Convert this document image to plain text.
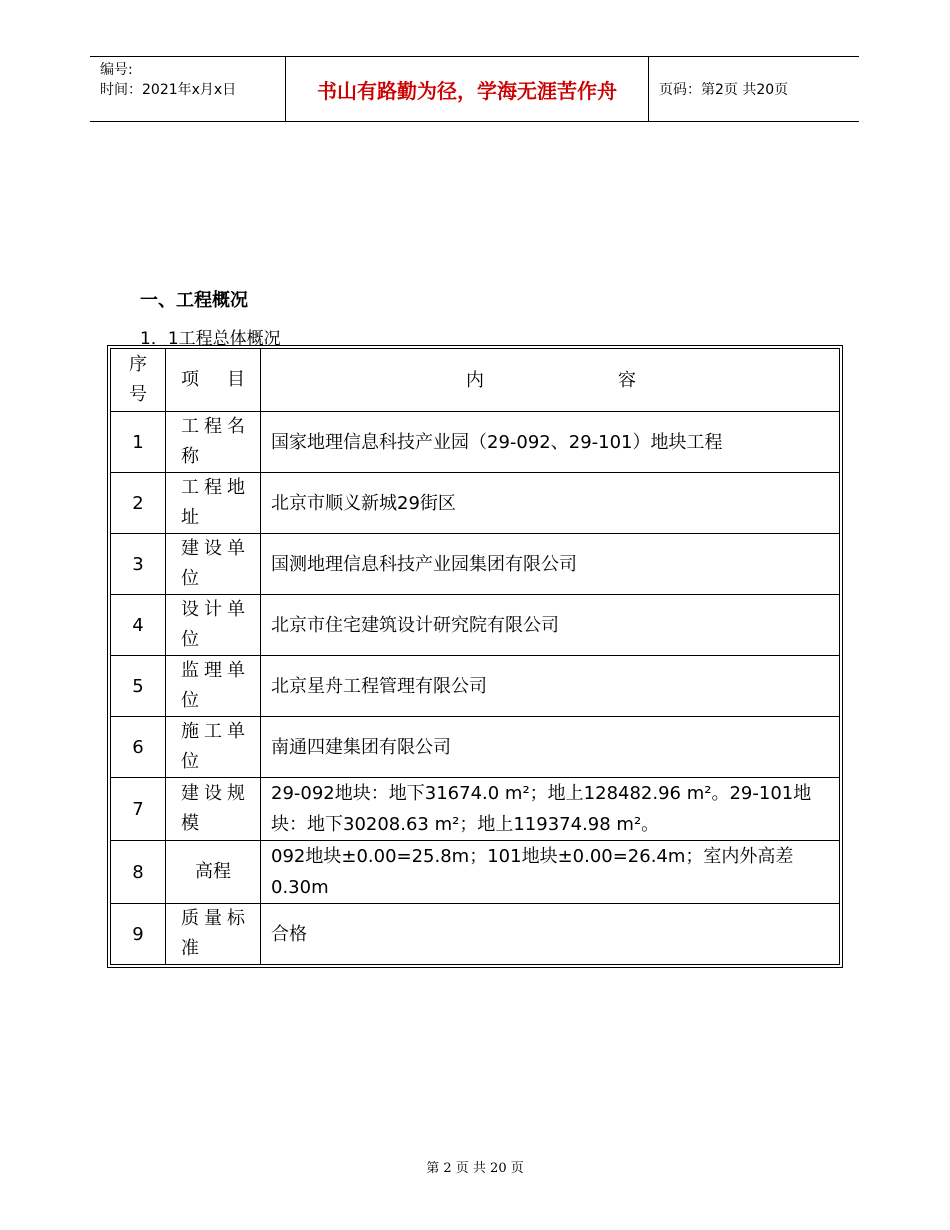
编号:
时间：2021年x月x日	书山有路勤为径，学海无涯苦作舟	页码：第2页 共20页
一、工程概况
1．1工程总体概况
序号	项 目	内 容
1	工程名称	国家地理信息科技产业园（29-092、29-101）地块工程
2	工程地址	北京市顺义新城29街区
3	建设单位	国测地理信息科技产业园集团有限公司
4	设计单位	北京市住宅建筑设计研究院有限公司
5	监理单位	北京星舟工程管理有限公司
6	施工单位	南通四建集团有限公司
7	建设规模	29-092地块：地下31674.0 m²；地上128482.96 m²。29-101地块：地下30208.63 m²；地上119374.98 m²。
8	高程	092地块±0.00=25.8m；101地块±0.00=26.4m；室内外高差0.30m
9	质量标准	合格
第 2 页 共 20 页
